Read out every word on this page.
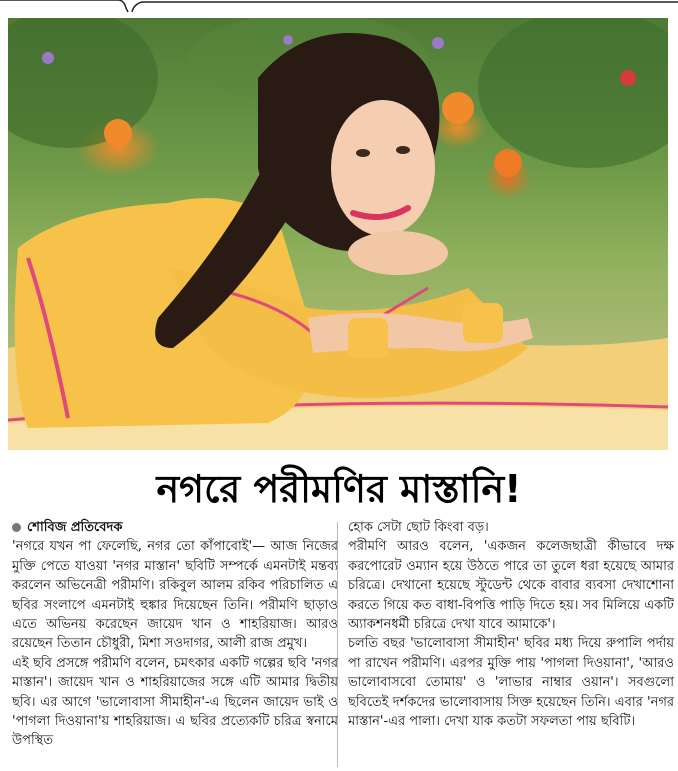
নগরে পরীমণির মাস্তানি!
শোবিজ প্রতিবেদক

'নগরে যখন পা ফেলেছি, নগর তো কাঁপাবোই'— আজ নিজের মুক্তি পেতে যাওয়া 'নগর মাস্তান' ছবিটি সম্পর্কে এমনটাই মন্তব্য করলেন অভিনেত্রী পরীমণি। রকিবুল আলম রকিব পরিচালিত এ ছবির সংলাপে এমনটাই হুঙ্কার দিয়েছেন তিনি। পরীমণি ছাড়াও এতে অভিনয় করেছেন জায়েদ খান ও শাহরিয়াজ। আরও রয়েছেন তিতান চৌধুরী, মিশা সওদাগর, আলী রাজ প্রমুখ।

এই ছবি প্রসঙ্গে পরীমণি বলেন, চমৎকার একটি গল্পের ছবি 'নগর মাস্তান'। জায়েদ খান ও শাহরিয়াজের সঙ্গে এটি আমার দ্বিতীয় ছবি। এর আগে 'ভালোবাসা সীমাহীন'-এ ছিলেন জায়েদ ভাই ও 'পাগলা দিওয়ানা'য় শাহরিয়াজ। এ ছবির প্রত্যেকটি চরিত্র স্বনামে উপস্থিত

হোক সেটা ছোট কিংবা বড়।

পরীমণি আরও বলেন, 'একজন কলেজছাত্রী কীভাবে দক্ষ করপোরেট ওম্যান হয়ে উঠতে পারে তা তুলে ধরা হয়েছে আমার চরিত্রে। দেখানো হয়েছে স্টুডেন্ট থেকে বাবার ব্যবসা দেখাশোনা করতে গিয়ে কত বাধা-বিপত্তি পাড়ি দিতে হয়। সব মিলিয়ে একটি অ্যাকশনধর্মী চরিত্রে দেখা যাবে আমাকে'।

চলতি বছর 'ভালোবাসা সীমাহীন' ছবির মধ্য দিয়ে রুপালি পর্দায় পা রাখেন পরীমণি। এরপর মুক্তি পায় 'পাগলা দিওয়ানা', 'আরও ভালোবাসবো তোমায়' ও 'লাভার নাম্বার ওয়ান'। সবগুলো ছবিতেই দর্শকদের ভালোবাসায় সিক্ত হয়েছেন তিনি। এবার 'নগর মাস্তান'-এর পালা। দেখা যাক কতটা সফলতা পায় ছবিটি।
